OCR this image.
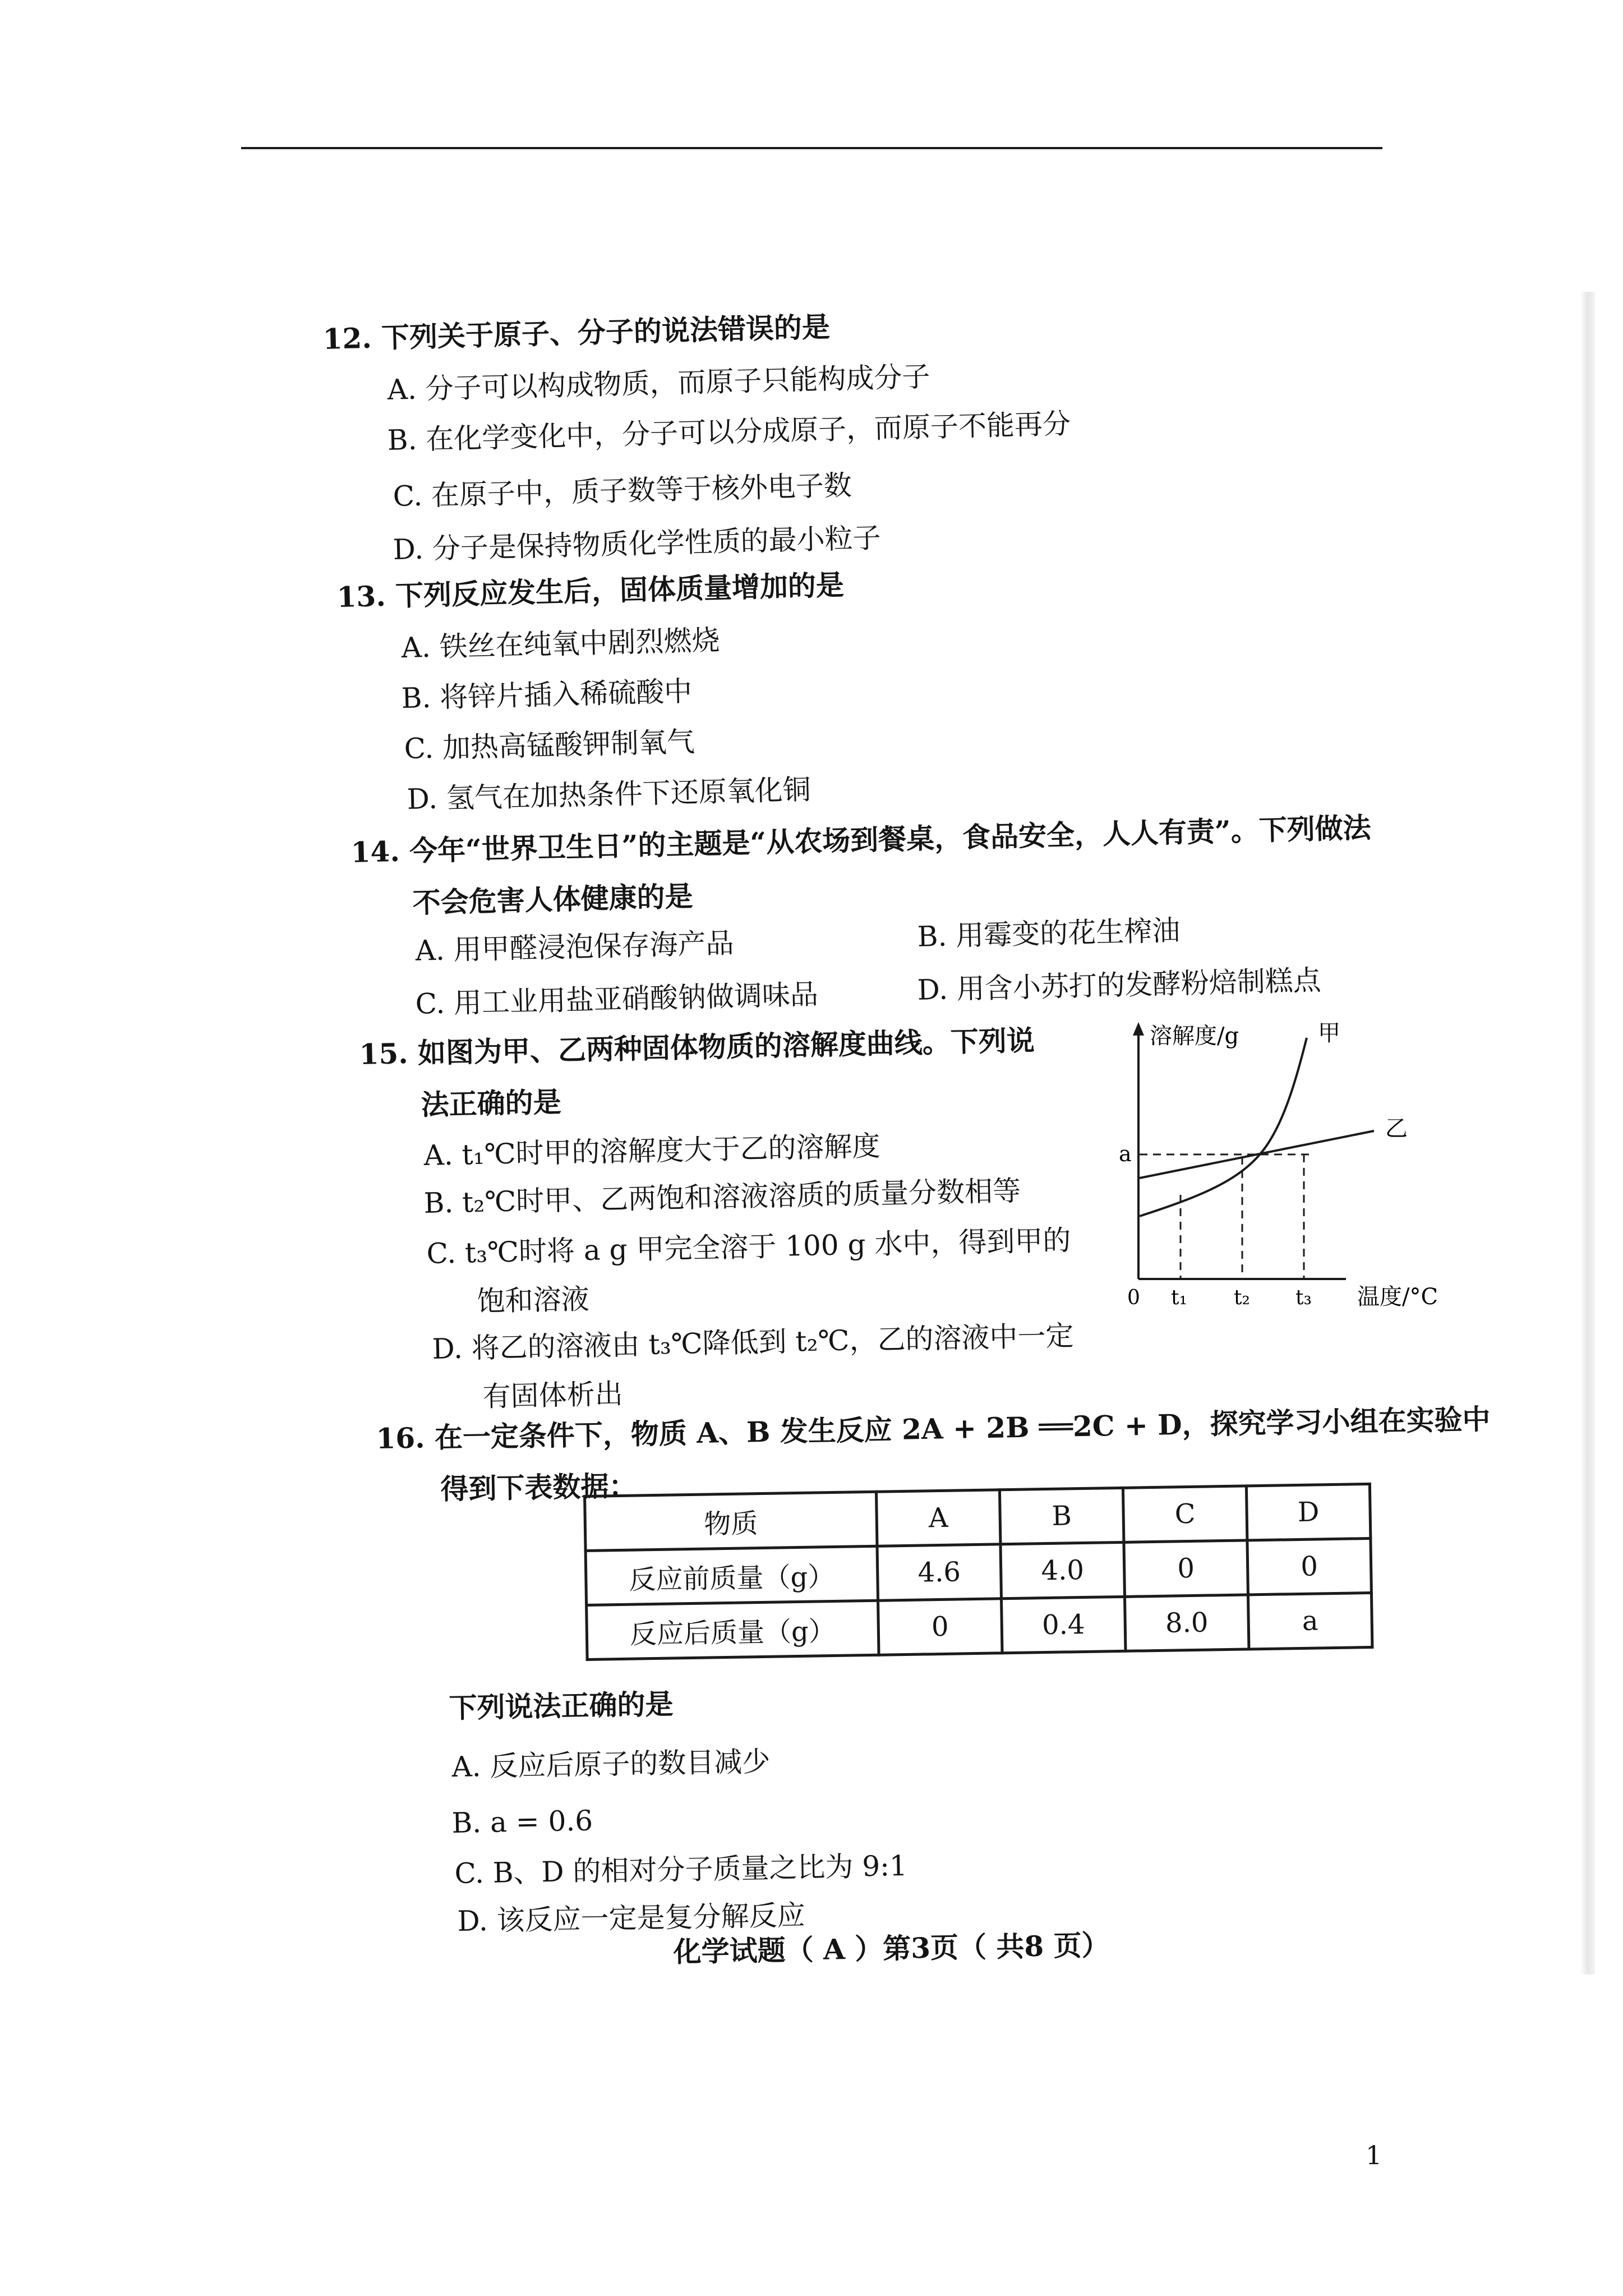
12. 下列关于原子、分子的说法错误的是
A. 分子可以构成物质，而原子只能构成分子
B. 在化学变化中，分子可以分成原子，而原子不能再分
C. 在原子中，质子数等于核外电子数
D. 分子是保持物质化学性质的最小粒子
13. 下列反应发生后，固体质量增加的是
A. 铁丝在纯氧中剧烈燃烧
B. 将锌片插入稀硫酸中
C. 加热高锰酸钾制氧气
D. 氢气在加热条件下还原氧化铜
14. 今年“世界卫生日”的主题是“从农场到餐桌，食品安全，人人有责”。下列做法
不会危害人体健康的是
A. 用甲醛浸泡保存海产品	B. 用霉变的花生榨油
C. 用工业用盐亚硝酸钠做调味品	D. 用含小苏打的发酵粉焙制糕点
15. 如图为甲、乙两种固体物质的溶解度曲线。下列说
法正确的是
A. t₁℃时甲的溶解度大于乙的溶解度
B. t₂℃时甲、乙两饱和溶液溶质的质量分数相等
C. t₃℃时将 a g 甲完全溶于 100 g 水中，得到甲的
饱和溶液
D. 将乙的溶液由 t₃℃降低到 t₂℃，乙的溶液中一定
有固体析出
溶解度/g	甲
乙
a
0 t₁ t₂ t₃ 温度/°C
16. 在一定条件下，物质 A、B 发生反应 2A + 2B ══2C + D，探究学习小组在实验中
得到下表数据：
物质	A	B	C	D
反应前质量（g）	4.6	4.0	0	0
反应后质量（g）	0	0.4	8.0	a
下列说法正确的是
A. 反应后原子的数目减少
B. a = 0.6
C. B、D 的相对分子质量之比为 9:1
D. 该反应一定是复分解反应
化学试题（ A ）第3页（ 共8 页）
1
